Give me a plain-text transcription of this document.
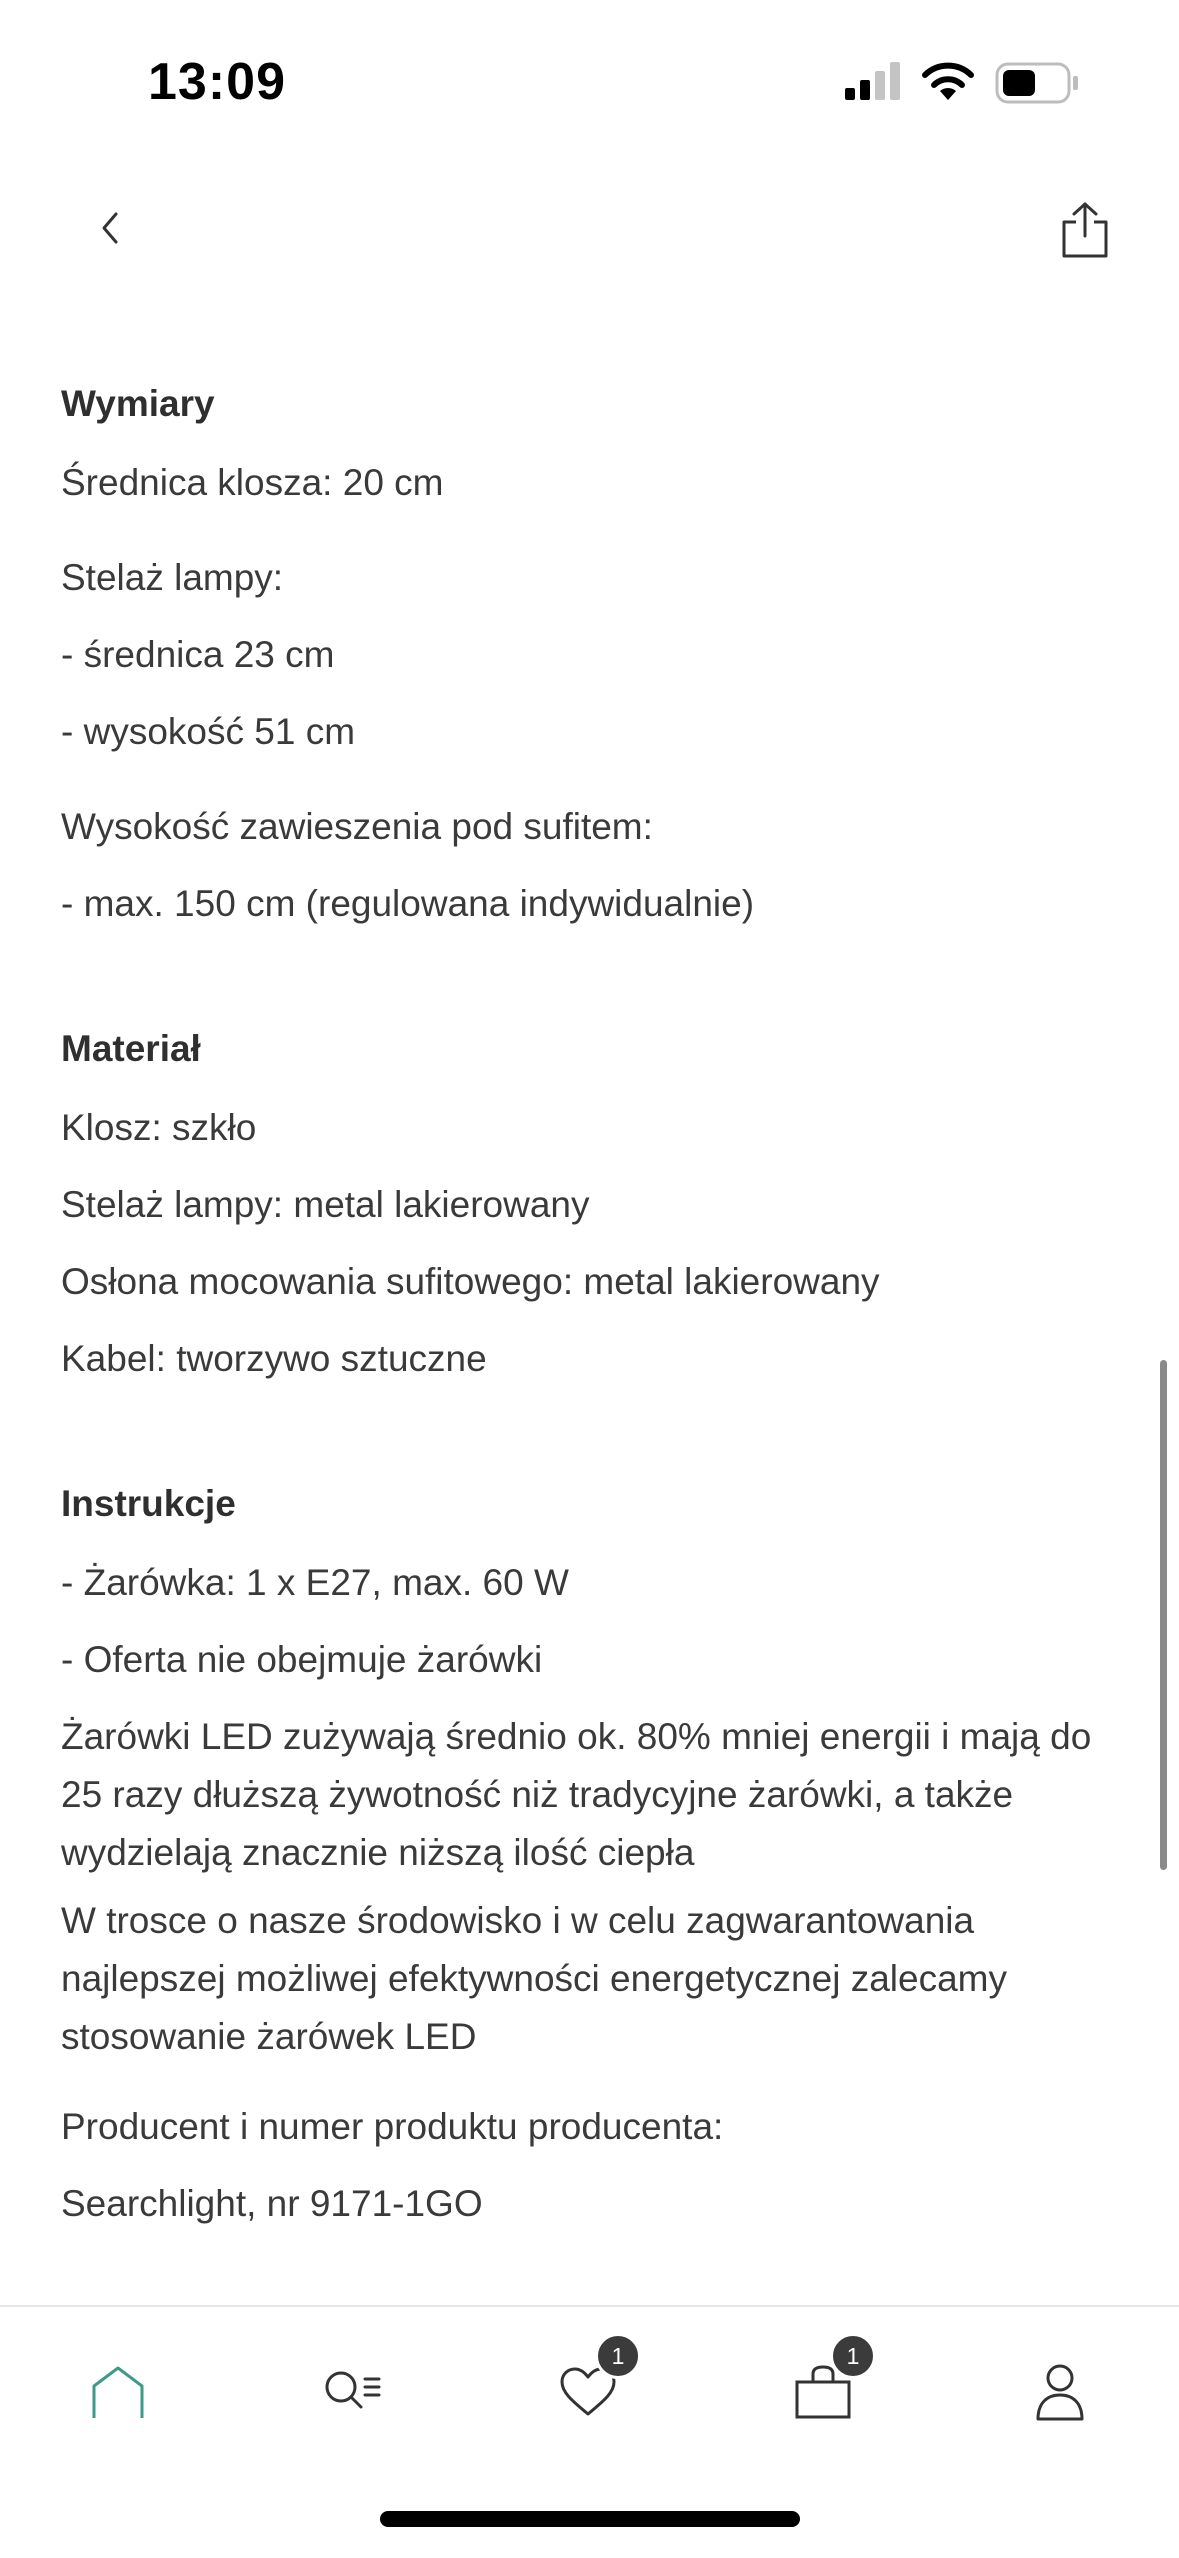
13:09
Wymiary
Średnica klosza: 20 cm
Stelaż lampy:
- średnica 23 cm
- wysokość 51 cm
Wysokość zawieszenia pod sufitem:
- max. 150 cm (regulowana indywidualnie)
Materiał
Klosz: szkło
Stelaż lampy: metal lakierowany
Osłona mocowania sufitowego: metal lakierowany
Kabel: tworzywo sztuczne
Instrukcje
- Żarówka: 1 x E27, max. 60 W
- Oferta nie obejmuje żarówki
Żarówki LED zużywają średnio ok. 80% mniej energii i mają do 25 razy dłuższą żywotność niż tradycyjne żarówki, a także wydzielają znacznie niższą ilość ciepła
W trosce o nasze środowisko i w celu zagwarantowania najlepszej możliwej efektywności energetycznej zalecamy stosowanie żarówek LED
Producent i numer produktu producenta:
Searchlight, nr 9171-1GO
1	1
